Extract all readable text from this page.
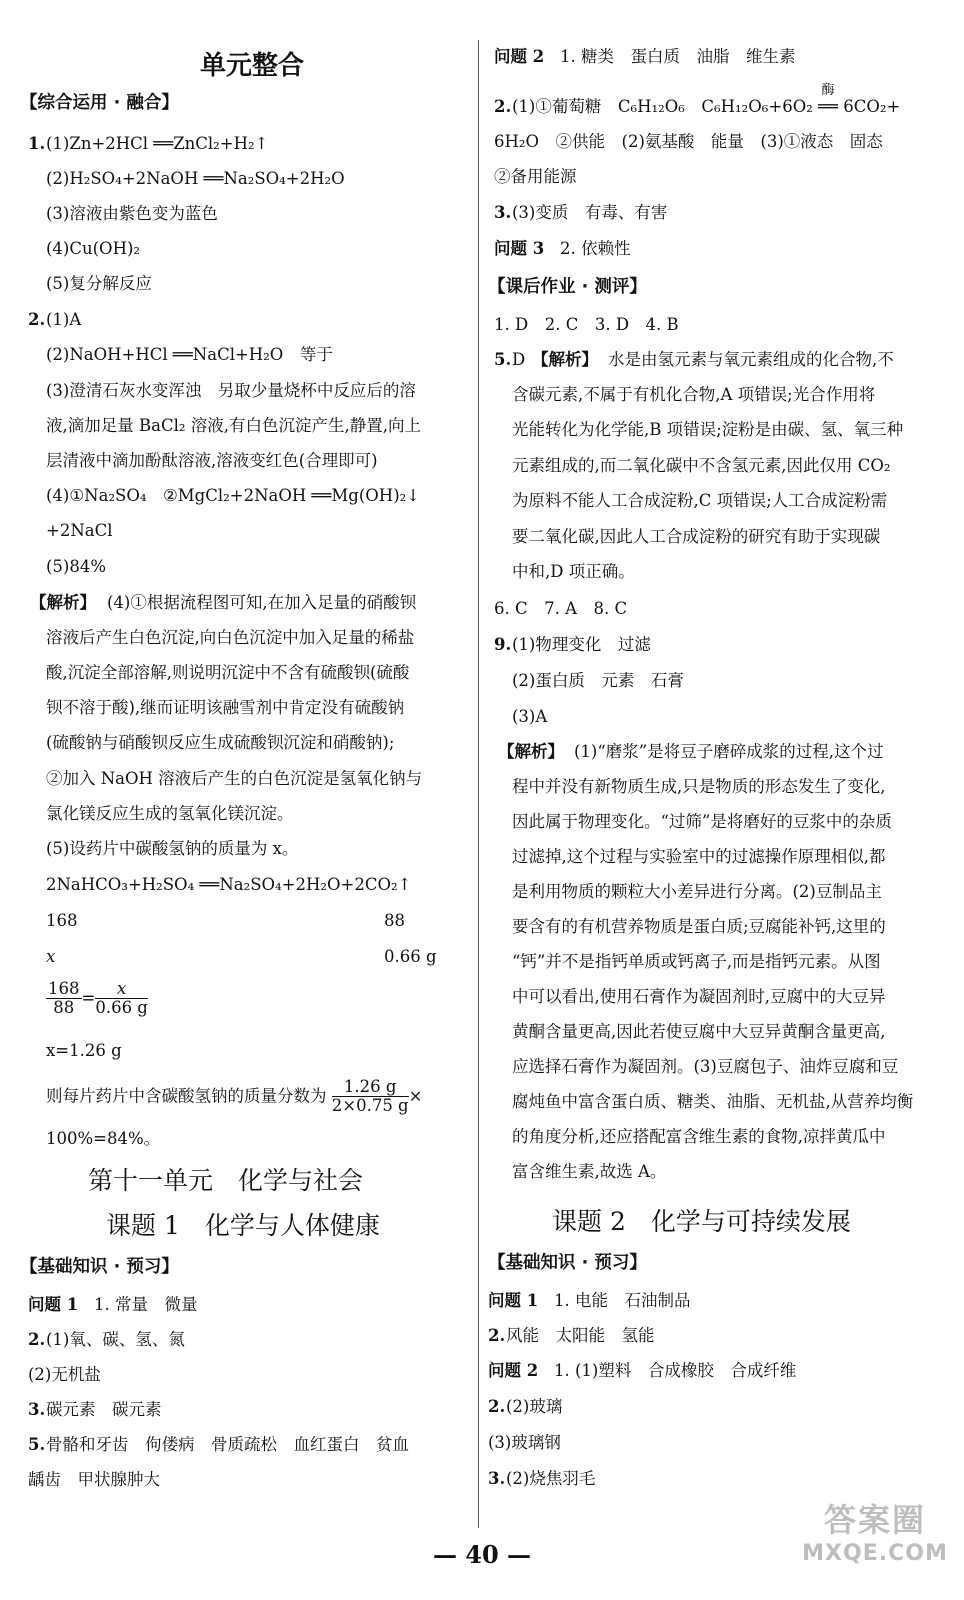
单元整合
【综合运用 · 融合】
1. (1)Zn+2HCl ══ZnCl₂+H₂↑
(2)H₂SO₄+2NaOH ══Na₂SO₄+2H₂O
(3)溶液由紫色变为蓝色
(4)Cu(OH)₂
(5)复分解反应
2. (1)A
(2)NaOH+HCl ══NaCl+H₂O　等于
(3)澄清石灰水变浑浊　另取少量烧杯中反应后的溶
液,滴加足量 BaCl₂ 溶液,有白色沉淀产生,静置,向上
层清液中滴加酚酞溶液,溶液变红色(合理即可)
(4)①Na₂SO₄　②MgCl₂+2NaOH ══Mg(OH)₂↓
+2NaCl
(5)84%
【解析】 (4)①根据流程图可知,在加入足量的硝酸钡
溶液后产生白色沉淀,向白色沉淀中加入足量的稀盐
酸,沉淀全部溶解,则说明沉淀中不含有硫酸钡(硫酸
钡不溶于酸),继而证明该融雪剂中肯定没有硫酸钠
(硫酸钠与硝酸钡反应生成硫酸钡沉淀和硝酸钠);
②加入 NaOH 溶液后产生的白色沉淀是氢氧化钠与
氯化镁反应生成的氢氧化镁沉淀。
(5)设药片中碳酸氢钠的质量为 x。
2NaHCO₃+H₂SO₄ ══Na₂SO₄+2H₂O+2CO₂↑
168	88
x	0.66 g
$\frac{168}{88} = \frac{x}{0.66 g}$
x=1.26 g
则每片药片中含碳酸氢钠的质量分数为 $\frac{1.26 g}{2\times 0.75 g}$ ×
100%=84%。
第十一单元　化学与社会
课题 1　化学与人体健康
【基础知识 · 预习】
问题 1 1. 常量　微量
2. (1)氧、碳、氢、氮
(2)无机盐
3. 碳元素　碳元素
5. 骨骼和牙齿　佝偻病　骨质疏松　血红蛋白　贫血
龋齿　甲状腺肿大
问题 2 1. 糖类　蛋白质　油脂　维生素
2. (1)①葡萄糖　C₆H₁₂O₆　C₆H₁₂O₆+6O₂
酶
══ 6CO₂+
6H₂O　②供能　(2)氨基酸　能量　(3)①液态　固态
②备用能源
3. (3)变质　有毒、有害
问题 3 2. 依赖性
【课后作业 · 测评】
1. D　2. C　3. D　4. B
5. D 【解析】 水是由氢元素与氧元素组成的化合物,不
含碳元素,不属于有机化合物,A 项错误;光合作用将
光能转化为化学能,B 项错误;淀粉是由碳、氢、氧三种
元素组成的,而二氧化碳中不含氢元素,因此仅用 CO₂
为原料不能人工合成淀粉,C 项错误;人工合成淀粉需
要二氧化碳,因此人工合成淀粉的研究有助于实现碳
中和,D 项正确。
6. C　7. A　8. C
9. (1)物理变化　过滤
(2)蛋白质　元素　石膏
(3)A
【解析】 (1)“磨浆”是将豆子磨碎成浆的过程,这个过
程中并没有新物质生成,只是物质的形态发生了变化,
因此属于物理变化。“过筛”是将磨好的豆浆中的杂质
过滤掉,这个过程与实验室中的过滤操作原理相似,都
是利用物质的颗粒大小差异进行分离。(2)豆制品主
要含有的有机营养物质是蛋白质;豆腐能补钙,这里的
“钙”并不是指钙单质或钙离子,而是指钙元素。从图
中可以看出,使用石膏作为凝固剂时,豆腐中的大豆异
黄酮含量更高,因此若使豆腐中大豆异黄酮含量更高,
应选择石膏作为凝固剂。(3)豆腐包子、油炸豆腐和豆
腐炖鱼中富含蛋白质、糖类、油脂、无机盐,从营养均衡
的角度分析,还应搭配富含维生素的食物,凉拌黄瓜中
富含维生素,故选 A。
课题 2　化学与可持续发展
【基础知识 · 预习】
问题 1 1. 电能　石油制品
2. 风能　太阳能　氢能
问题 2 1. (1)塑料　合成橡胶　合成纤维
2. (2)玻璃
(3)玻璃钢
3. (2)烧焦羽毛
— 40 —
答案圈
MXQE.COM
